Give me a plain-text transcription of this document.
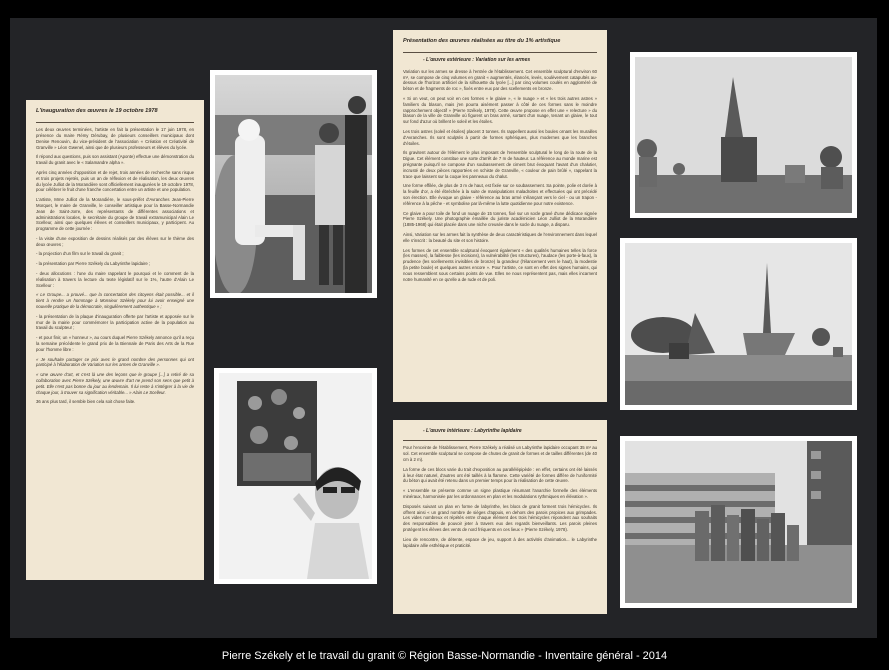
L'inauguration des œuvres le 19 octobre 1978

Les deux œuvres terminées, l'artiste en fait la présentation le 17 juin 1978, en présence du maire Rémy Dérubay, de plusieurs conseillers municipaux dont Denise Renouvin, du vice-président de l'association « Création et Créativité de Granville » Léon Gwenel, ainsi que de plusieurs professeurs et élèves du lycée.

Il répond aux questions, puis son assistant (Aponte) effectue une démonstration du travail du granit avec le « Salamandre alpha ».

Après cinq années d'opposition et de rejet, trois années de recherche sans risque et trois projets rejetés, puis un an de réflexion et de réalisation, les deux œuvres du lycée Julliot de la Morandière sont officiellement inaugurées le 19 octobre 1978, pour célébrer le fruit d'une franche concertation entre un artiste et une population.

L'artiste, Mme Julliot de la Morandière, le sous-préfet d'Avranches Jean-Pierre Morquet, le maire de Granville, le conseiller artistique pour la Basse-Normandie Jean de Saint-Jorre, des représentants de différentes associations et administrations locales, le secrétaire du groupe de travail extramunicipal Alain Le Scelleur, ainsi que quelques élèves et conseillers municipaux, y participent. Au programme de cette journée :

- la visite d'une exposition de dessins réalisés par des élèves sur le thème des deux œuvres ;

- la projection d'un film sur le travail du granit ;

- la présentation par Pierre Székely du Labyrinthe lapidaire ;

- deux allocutions : l'une du maire rappelant le pourquoi et le comment de la réalisation à travers la lecture du texte législatif sur le 1%, l'autre d'Alain Le Scelleur :

« Le Groupe... a prouvé... que la concertation des citoyens était possible... et il tient à rendre un hommage à Monsieur Székely pour lui avoir enseigné une nouvelle pratique de la démocratie, singulièrement authentique » ;

- la présentation de la plaque d'inauguration offerte par l'artiste et apposée sur le mur de la mairie pour commémorer la participation active de la population au travail du sculpteur ;

- et pour finir, un « honneur », au cours duquel Pierre Székely annonce qu'il a reçu la semaine précédente le grand prix de la Biennale de Paris des Arts de la Rue pour l'homme libre :

« Je souhaite partager ce prix avec le grand nombre des personnes qui ont participé à l'élaboration de Variation sur les armes de Granville ».

« Une œuvre d'art, et c'est là une des leçons que le groupe [...] a retiré de sa collaboration avec Pierre Székely, une œuvre d'art ne prend son sens que petit à petit. Elle n'est pas bonne du jour au lendemain. Il lui reste à s'intégrer à la vie de chaque jour, à trouver sa signification véritable... » Alain Le Scelleur.

36 ans plus tard, il semble bien cela soit chose faite.

Présentation des œuvres réalisées au titre du 1% artistique
- L'œuvre extérieure : Variation sur les armes

Variation sur les armes se dresse à l'entrée de l'établissement. Cet ensemble sculptural d'environ 60 m², se compose de cinq volumes en granit « augmentés, élancés, levés, soulèvement catapultés au-dessus de l'horizon artificiel de la silhouette du lycée [...] par cinq volumes coulés en aggloméré de béton et de fragments de roc », fixés entre eux par des scellements en bronze.

« Si on veut, on peut voir en ces formes « le glaive », « le nuage » et « les trois autres astres » familiers du blason, mais j'en pourra aisément passer à côté de ces formes sans le moindre rapprochement objectif » (Pierre Székely, 1978). Cette œuvre propose en effet une « relecture » du blason de la ville de Granville où figurent un bras armé, sortant d'un nuage, tenant un glaive, le tout sur fond d'azur où brillent le soleil et les étoiles.

Les trois astres (soleil et étoiles) placent 3 tonnes. Ils rappellent aussi les boules ornant les murailles d'Avranches. Ils sont sculptés à partir de formes sphériques, plus modernes que les branches d'étoiles.

Ils gravitent autour de l'élément le plus imposant de l'ensemble sculptural le long de la route de la Digue. Cet élément constitue une sorte d'arrêt de 7 m de hauteur. La référence au monde marine est prégnante puisqu'il se compose d'un soubassement de ciment brut évoquant l'avant d'un chalutier, incrusté de deux pièces rapportées en schiste de Granville, « couleur de pain brûlé », rappelant la trace que laissent sur la coque les panneaux du chalut.

Une forme effilée, de plus de 3 m de haut, est fixée sur ce soubassement. Sa pointe, polie et dorée à la feuille d'or, a été ébréchée à la suite de manipulations maladroites et effectuées qui ont précédé son érection. Elle évoque un glaive - référence au bras armé s'élançant vers le ciel - ou un trapon - référence à la pêche - et symbolise par là-même la lutte quotidienne pour notre existence.

Ce glaive a pour toile de fond un nuage de 15 tonnes, fixé sur un socle gravé d'une dédicace signée Pierre Székely. Une photographie émaillée du juriste académicien Léon Julliot de la Morandière (1885-1968) qui était placée dans une niche creusée dans le socle du nuage, a disparu.

Ainsi, Variation sur les armes fait la synthèse de deux caractéristiques de l'environnement dans lequel elle s'inscrit : la beauté du site et son histoire.

Les formes de cet ensemble sculptural évoquent également « des qualités humaines telles la force (les masses), la faiblesse (les incisions), la vulnérabilité (les structures), l'audace (les porte-à-faux), la prudence (les scellements invisibles de bronze) la grandeur (l'élancement vers le haut), la modestie (la petite boule) et quelques autres encore ». Pour l'artiste, ce sont en effet des signes humains, qui nous ressemblent sous certains points de vue. Elles ne nous représentent pas, mais elles incarnent notre humanité en ce qu'elle a de rude et de poli.

- L'œuvre intérieure : Labyrinthe lapidaire

Pour l'enceinte de l'établissement, Pierre Székely a réalisé un Labyrinthe lapidaire occupant 35 m² au sol. Cet ensemble sculptural se compose de chutes de granit de formes et de tailles différentes (de 40 cm à 2 m).

La forme de ces blocs varie du trait d'exposition au parallélépipède : en effet, certains ont été laissés à leur état naturel, d'autres ont été taillés à la flamme. Cette variété de formes diffère de l'uniformité du béton qui avait été retenu dans un premier temps pour la réalisation de cette œuvre.

« L'ensemble se présente comme un signe plastique résumant l'anarchie formelle des éléments minéraux, harmonisée par les ordonnances en plan et les modulations rythmiques en élévation ».

Disposés suivant un plan en forme de labyrinthe, les blocs de granit forment trois hémicycles. Ils offrent ainsi « un grand nombre de sièges d'appuis, en dehors des parois propices aux grimpades. Les vides nombreux et répétés entre chaque élément des trois hémicycles répondent aux souhaits des responsables de pouvoir jeter à travers eux des regards bienveillants. Les parois pleines protègent les élèves des vents de nord fréquents en ces lieux » (Pierre Székely, 1978).

Lieu de rencontre, de détente, espace de jeu, support à des activités d'animation... le Labyrinthe lapidaire allie esthétique et praticité.

Pierre Székely et le travail du granit © Région Basse-Normandie - Inventaire général - 2014
